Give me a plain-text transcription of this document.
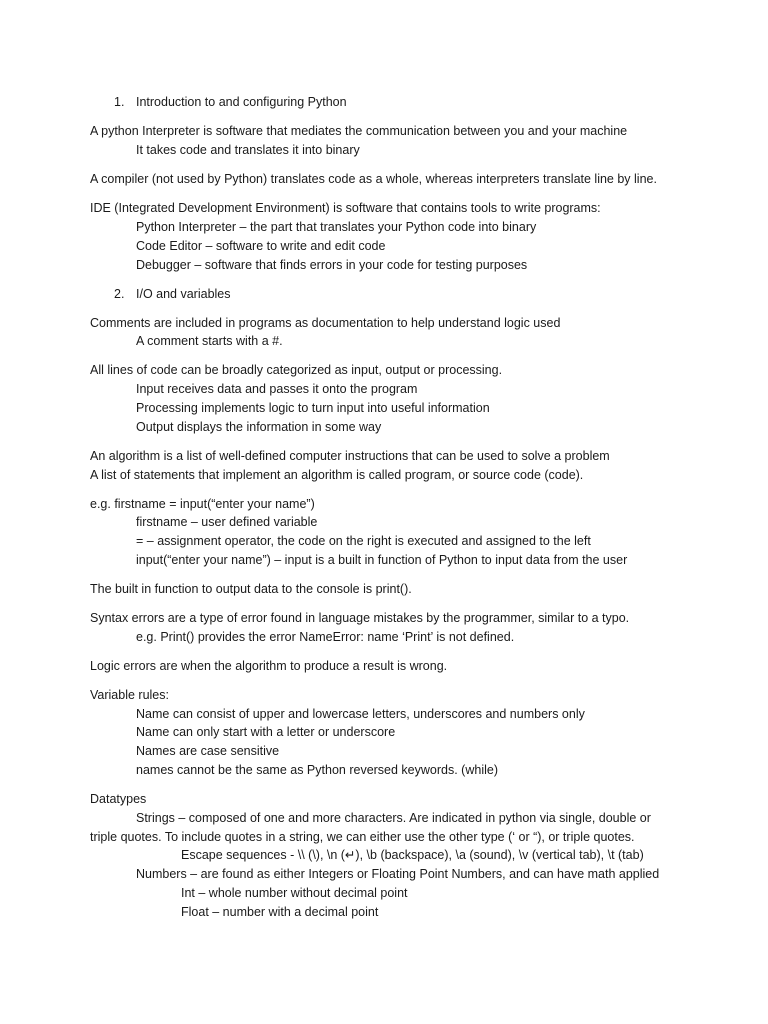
1. Introduction to and configuring Python
A python Interpreter is software that mediates the communication between you and your machine
It takes code and translates it into binary
A compiler (not used by Python) translates code as a whole, whereas interpreters translate line by line.
IDE (Integrated Development Environment) is software that contains tools to write programs:
Python Interpreter – the part that translates your Python code into binary
Code Editor – software to write and edit code
Debugger – software that finds errors in your code for testing purposes
2. I/O and variables
Comments are included in programs as documentation to help understand logic used
A comment starts with a #.
All lines of code can be broadly categorized as input, output or processing.
Input receives data and passes it onto the program
Processing implements logic to turn input into useful information
Output displays the information in some way
An algorithm is a list of well-defined computer instructions that can be used to solve a problem
A list of statements that implement an algorithm is called program, or source code (code).
e.g. firstname = input(“enter your name”)
firstname – user defined variable
= – assignment operator, the code on the right is executed and assigned to the left
input(“enter your name”) – input is a built in function of Python to input data from the user
The built in function to output data to the console is print().
Syntax errors are a type of error found in language mistakes by the programmer, similar to a typo.
e.g. Print() provides the error NameError: name ‘Print’ is not defined.
Logic errors are when the algorithm to produce a result is wrong.
Variable rules:
Name can consist of upper and lowercase letters, underscores and numbers only
Name can only start with a letter or underscore
Names are case sensitive
names cannot be the same as Python reversed keywords. (while)
Datatypes
Strings – composed of one and more characters. Are indicated in python via single, double or
triple quotes. To include quotes in a string, we can either use the other type (‘ or “), or triple quotes.
Escape sequences - \\ (\), \n (↵), \b (backspace), \a (sound), \v (vertical tab), \t (tab)
Numbers – are found as either Integers or Floating Point Numbers, and can have math applied
Int – whole number without decimal point
Float – number with a decimal point
